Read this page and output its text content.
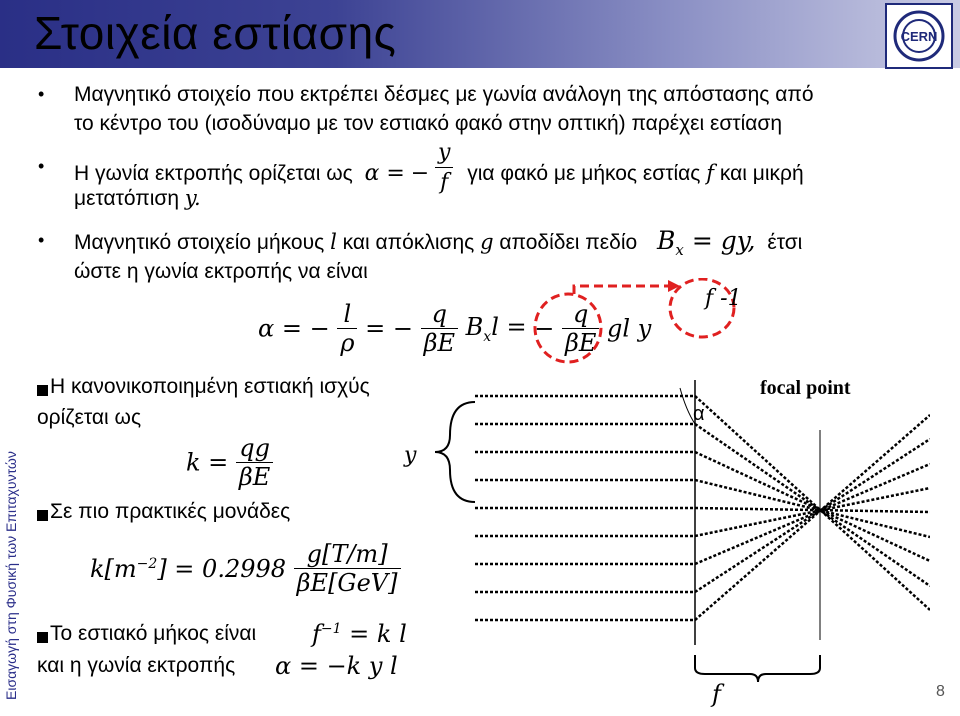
Στοιχεία εστίασης	CERN
Εισαγωγή στη Φυσική των Επιταχυντών
• Μαγνητικό στοιχείο που εκτρέπει δέσμες με γωνία ανάλογη της απόστασης από
το κέντρο του (ισοδύναμο με τον εστιακό φακό στην οπτική) παρέχει εστίαση
• Η γωνία εκτροπής ορίζεται ως α = − $\frac{y}{f}$ για φακό με μήκος εστίας f και μικρή
μετατόπιση y.
• Μαγνητικό στοιχείο μήκους l και απόκλισης g αποδίδει πεδίο $B_x$ = gy, έτσι
ώστε η γωνία εκτροπής να είναι
α = − $\frac{l}{\rho}$ = − $\frac{q}{\beta E} B_xl$ = − $\frac{q}{\beta E}$ gl y
f -1
Η κανονικοποιημένη εστιακή ισχύς
ορίζεται ως
$k = \frac{qg}{\beta E}$
Σε πιο πρακτικές μονάδες
$k[m^{-2}] = 0.2998 \frac{g[T/m]}{\text{βE[GeV]}}$
Το εστιακό μήκος είναι $f^{-1} = k$ l
και η γωνία εκτροπής α = −k y l
focal point
α
y
f	8
